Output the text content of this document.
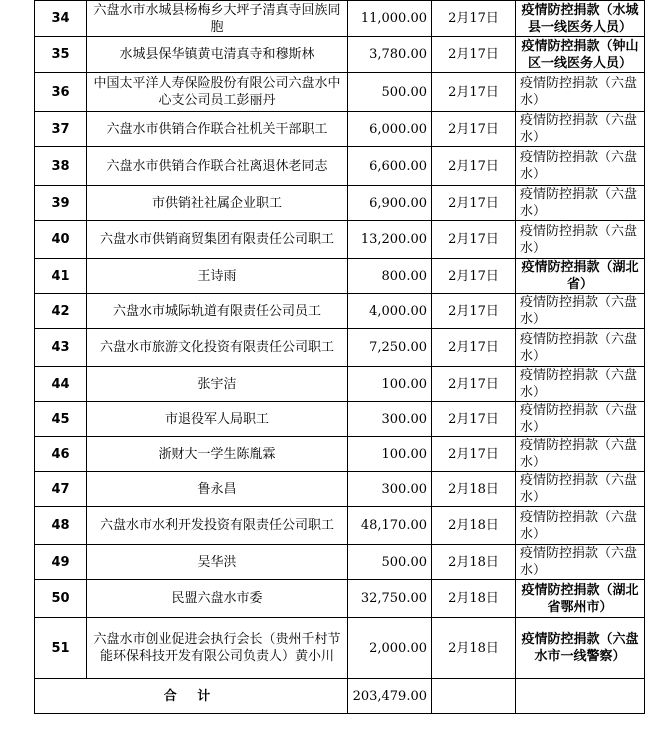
34	六盘水市水城县杨梅乡大坪子清真寺回族同胞	11,000.00	2月17日	疫情防控捐款（水城县一线医务人员）
35	水城县保华镇黄屯清真寺和穆斯林	3,780.00	2月17日	疫情防控捐款（钟山区一线医务人员）
36	中国太平洋人寿保险股份有限公司六盘水中心支公司员工彭丽丹	500.00	2月17日	疫情防控捐款（六盘水）
37	六盘水市供销合作联合社机关干部职工	6,000.00	2月17日	疫情防控捐款（六盘水）
38	六盘水市供销合作联合社离退休老同志	6,600.00	2月17日	疫情防控捐款（六盘水）
39	市供销社社属企业职工	6,900.00	2月17日	疫情防控捐款（六盘水）
40	六盘水市供销商贸集团有限责任公司职工	13,200.00	2月17日	疫情防控捐款（六盘水）
41	王诗雨	800.00	2月17日	疫情防控捐款（湖北省）
42	六盘水市城际轨道有限责任公司员工	4,000.00	2月17日	疫情防控捐款（六盘水）
43	六盘水市旅游文化投资有限责任公司职工	7,250.00	2月17日	疫情防控捐款（六盘水）
44	张宇洁	100.00	2月17日	疫情防控捐款（六盘水）
45	市退役军人局职工	300.00	2月17日	疫情防控捐款（六盘水）
46	浙财大一学生陈胤霖	100.00	2月17日	疫情防控捐款（六盘水）
47	鲁永昌	300.00	2月18日	疫情防控捐款（六盘水）
48	六盘水市水利开发投资有限责任公司职工	48,170.00	2月18日	疫情防控捐款（六盘水）
49	吴华洪	500.00	2月18日	疫情防控捐款（六盘水）
50	民盟六盘水市委	32,750.00	2月18日	疫情防控捐款（湖北省鄂州市）
51	六盘水市创业促进会执行会长（贵州千村节能环保科技开发有限公司负责人）黄小川	2,000.00	2月18日	疫情防控捐款（六盘水市一线警察）
合 计		203,479.00		
